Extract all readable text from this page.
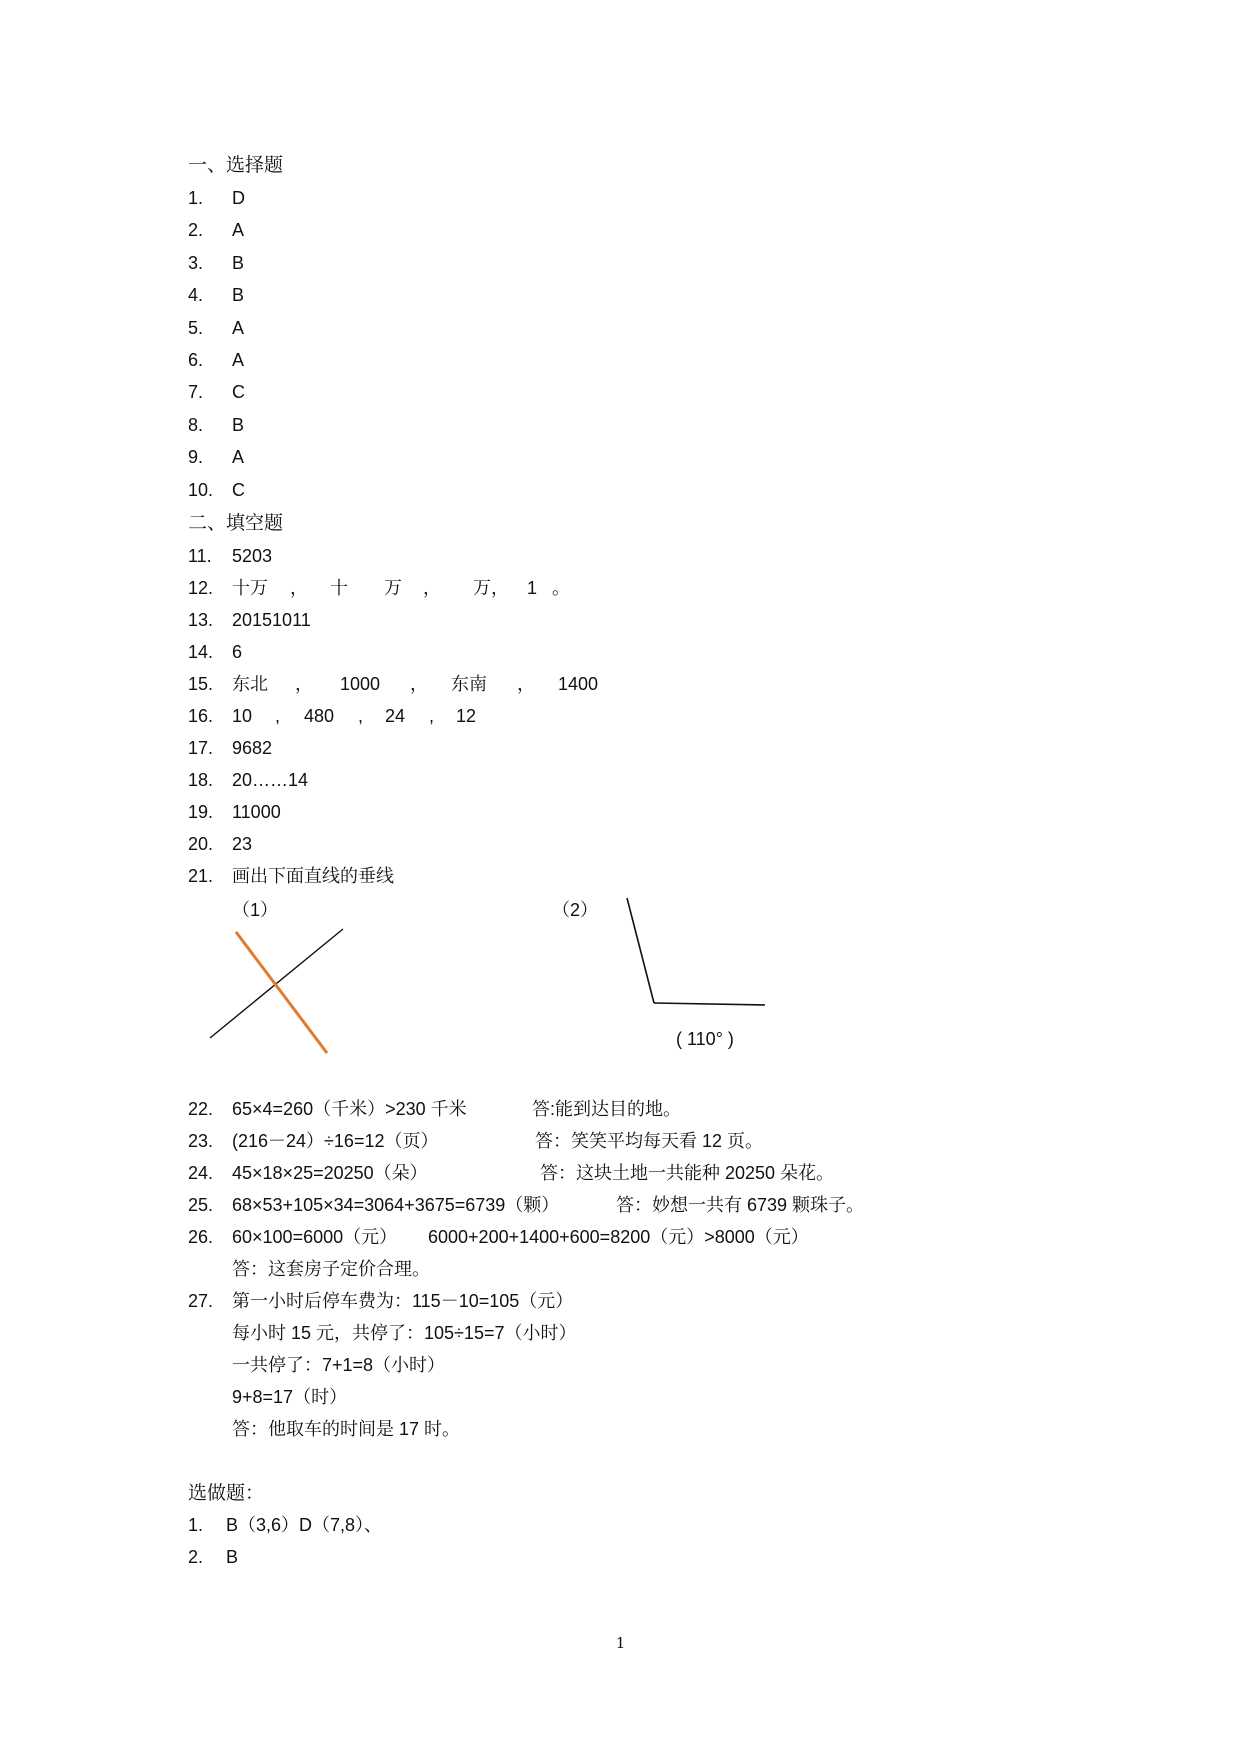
一、选择题
1. D
2. A
3. B
4. B
5. A
6. A
7. C
8. B
9. A
10. C
二、填空题
11. 5203
12. 十万 ， 十 万 ， 万， 1 。
13. 20151011
14. 6
15. 东北 ， 1000 ， 东南 ， 1400
16. 10 , 480 , 24 , 12
17. 9682
18. 20……14
19. 11000
20. 23
21. 画出下面直线的垂线
（1）	（2）
( 110° )
22. 65×4=260（千米）>230 千米	答:能到达目的地。
23. (216－24）÷16=12（页）	答：笑笑平均每天看 12 页。
24. 45×18×25=20250（朵）	答：这块土地一共能种 20250 朵花。
25. 68×53+105×34=3064+3675=6739（颗）	答：妙想一共有 6739 颗珠子。
26. 60×100=6000（元） 6000+200+1400+600=8200（元）>8000（元）
答：这套房子定价合理。
27. 第一小时后停车费为：115－10=105（元）
每小时 15 元，共停了：105÷15=7（小时）
一共停了：7+1=8（小时）
9+8=17（时）
答：他取车的时间是 17 时。
选做题：
1. B（3,6）D（7,8）、
2. B
1
